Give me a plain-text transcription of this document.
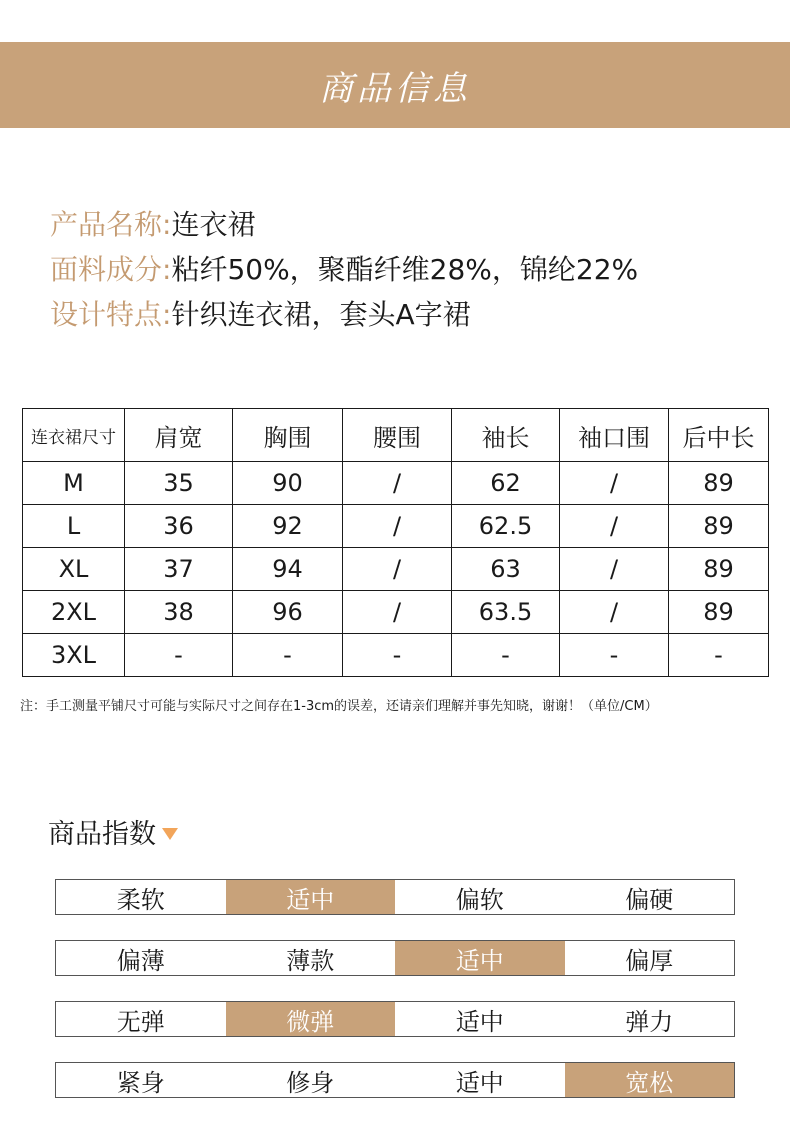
商品信息
产品名称: 连衣裙
面料成分: 粘纤50%，聚酯纤维28%，锦纶22%
设计特点: 针织连衣裙，套头A字裙
连衣裙尺寸	肩宽	胸围	腰围	袖长	袖口围	后中长
M	35	90	/	62	/	89
L	36	92	/	62.5	/	89
XL	37	94	/	63	/	89
2XL	38	96	/	63.5	/	89
3XL	-	-	-	-	-	-
注：手工测量平铺尺寸可能与实际尺寸之间存在1-3cm的误差，还请亲们理解并事先知晓，谢谢！（单位/CM）
商品指数
柔软	适中	偏软	偏硬
偏薄	薄款	适中	偏厚
无弹	微弹	适中	弹力
紧身	修身	适中	宽松
